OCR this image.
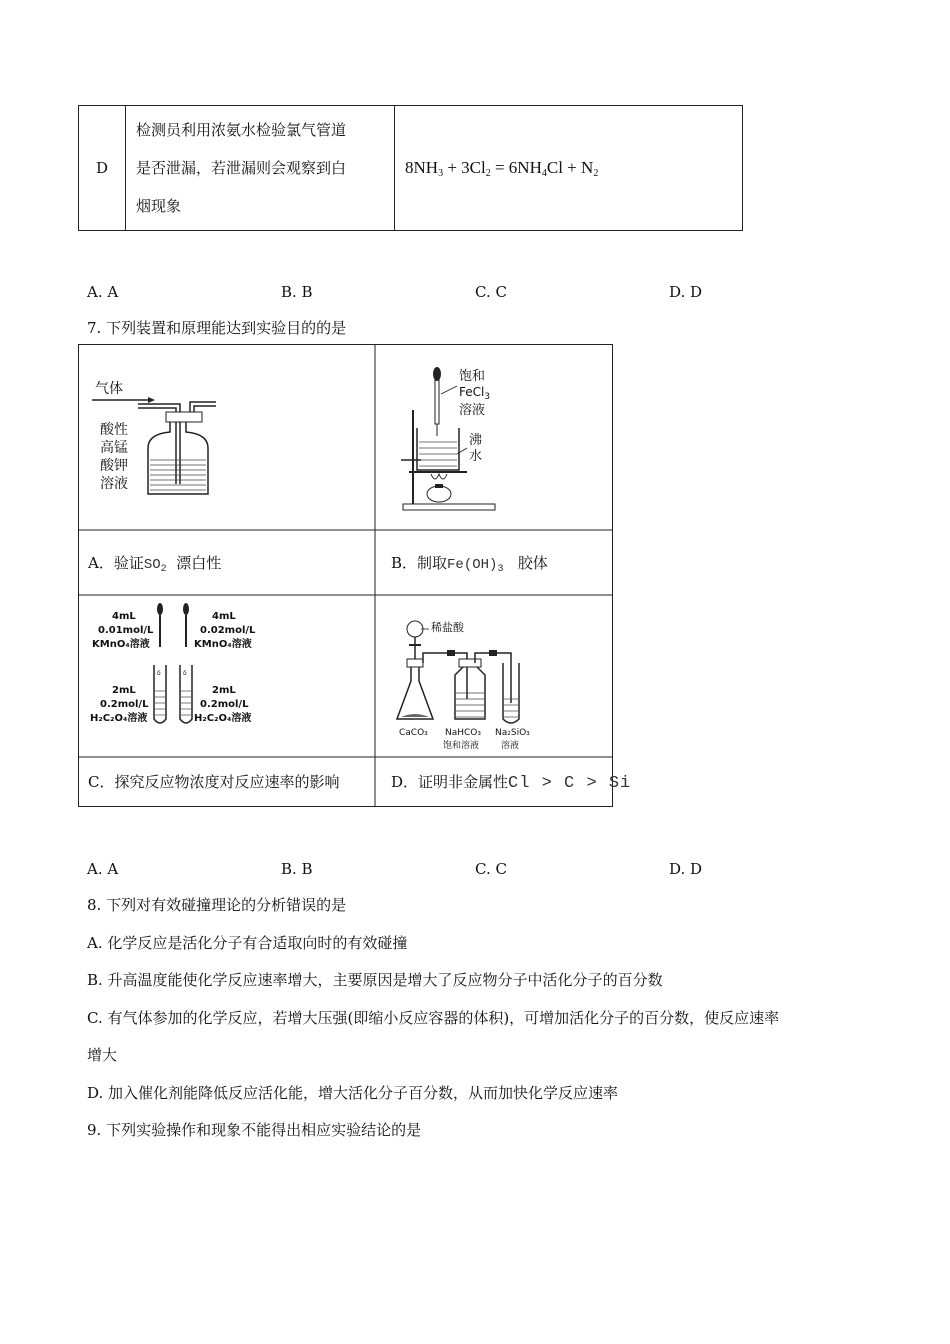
D	
检测员利用浓氨水检验氯气管道
是否泄漏，若泄漏则会观察到白
烟现象
	$8NH_3 + 3Cl_2 = 6NH_4Cl + N_2$
A. A	B. B	C. C	D. D
7. 下列装置和原理能达到实验目的的是
气体
酸性
高锰
酸钾
溶液
饱和
FeCl$_3$
溶液
沸
水
A．验证$SO_2$ 漂白性	B．制取$Fe(OH)_3$ 胶体
4mL
0.01mol/L
KMnO₄溶液
4mL
0.02mol/L
KMnO₄溶液
2mL
0.2mol/L
H₂C₂O₄溶液
2mL
0.2mol/L
H₂C₂O₄溶液
δ	δ
稀盐酸
CaCO₃ NaHCO₃
饱和溶液
Na₂SiO₃
溶液
C．探究反应物浓度对反应速率的影响	D．证明非金属性Cl > C > Si
A. A	B. B	C. C	D. D
8. 下列对有效碰撞理论的分析错误的是
A. 化学反应是活化分子有合适取向时的有效碰撞
B. 升高温度能使化学反应速率增大，主要原因是增大了反应物分子中活化分子的百分数
C. 有气体参加的化学反应，若增大压强(即缩小反应容器的体积)，可增加活化分子的百分数，使反应速率
增大
D. 加入催化剂能降低反应活化能，增大活化分子百分数，从而加快化学反应速率
9. 下列实验操作和现象不能得出相应实验结论的是
